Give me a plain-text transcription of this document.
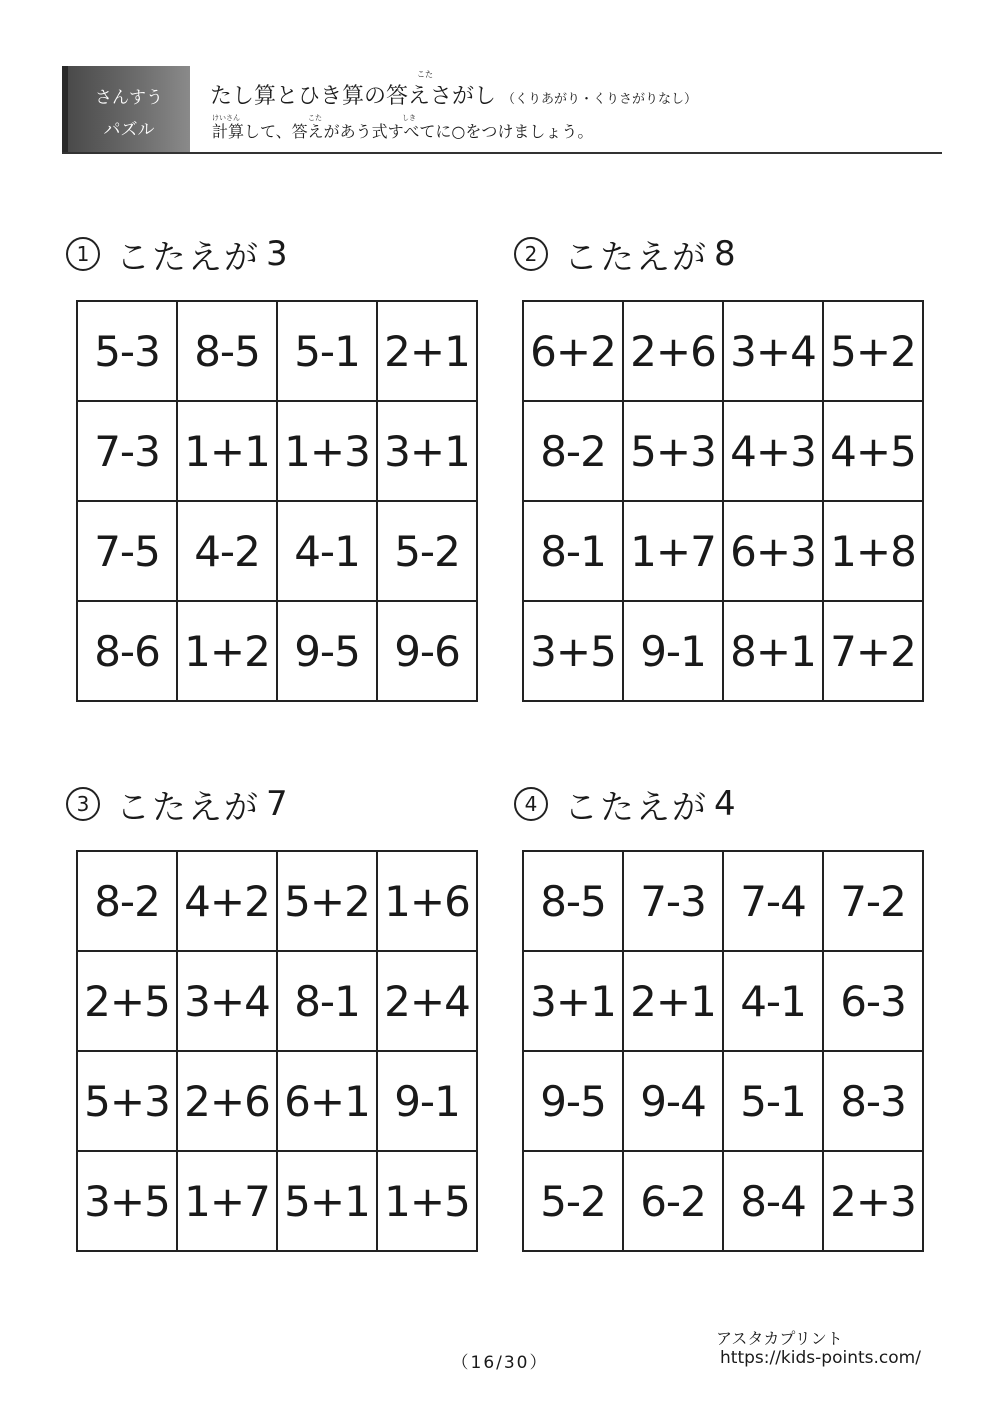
さんすう
パズル
こた
たし算とひき算の答えさがし （くりあがり・くりさがりなし）
けいさん	こた	しき
計算して、答えがあう式すべてに○をつけましょう。
1 こたえが 3
5-3 8-5 5-1 2+1
7-3 1+1 1+3 3+1
7-5 4-2 4-1 5-2
8-6 1+2 9-5 9-6
2 こたえが 8
6+2 2+6 3+4 5+2
8-2 5+3 4+3 4+5
8-1 1+7 6+3 1+8
3+5 9-1 8+1 7+2
3 こたえが 7
8-2 4+2 5+2 1+6
2+5 3+4 8-1 2+4
5+3 2+6 6+1 9-1
3+5 1+7 5+1 1+5
4 こたえが 4
8-5 7-3 7-4 7-2
3+1 2+1 4-1 6-3
9-5 9-4 5-1 8-3
5-2 6-2 8-4 2+3
アスタカプリント
（16/30）	https://kids-points.com/
